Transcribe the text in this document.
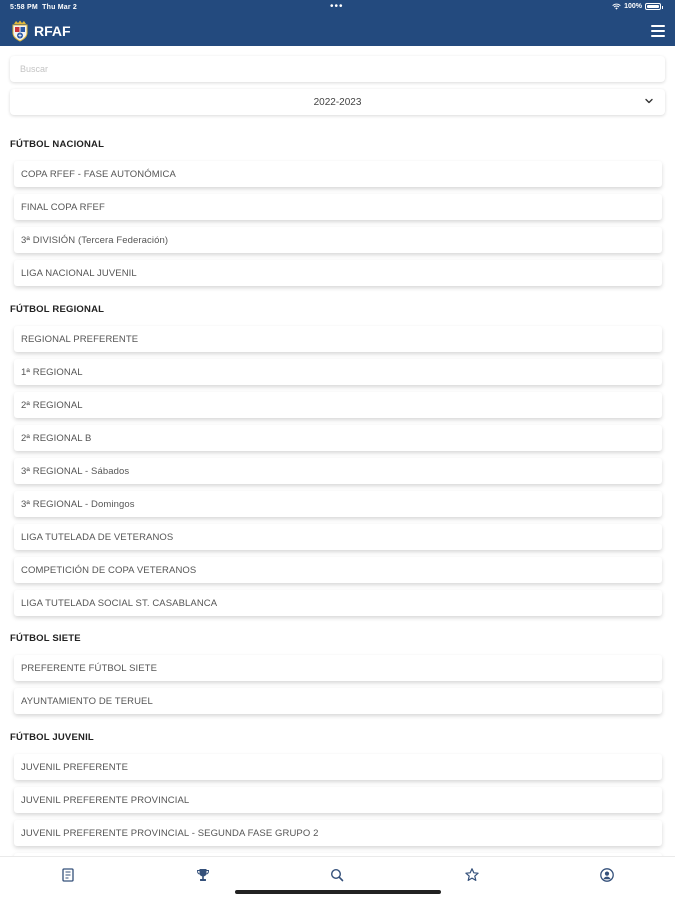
5:58 PM Thu Mar 2	•••	100%
RFAF
Buscar
2022-2023
FÚTBOL NACIONAL
COPA RFEF - FASE AUTONÓMICA
FINAL COPA RFEF
3ª DIVISIÓN (Tercera Federación)
LIGA NACIONAL JUVENIL
FÚTBOL REGIONAL
REGIONAL PREFERENTE
1ª REGIONAL
2ª REGIONAL
2ª REGIONAL B
3ª REGIONAL - Sábados
3ª REGIONAL - Domingos
LIGA TUTELADA DE VETERANOS
COMPETICIÓN DE COPA VETERANOS
LIGA TUTELADA SOCIAL ST. CASABLANCA
FÚTBOL SIETE
PREFERENTE FÚTBOL SIETE
AYUNTAMIENTO DE TERUEL
FÚTBOL JUVENIL
JUVENIL PREFERENTE
JUVENIL PREFERENTE PROVINCIAL
JUVENIL PREFERENTE PROVINCIAL - SEGUNDA FASE GRUPO 2
